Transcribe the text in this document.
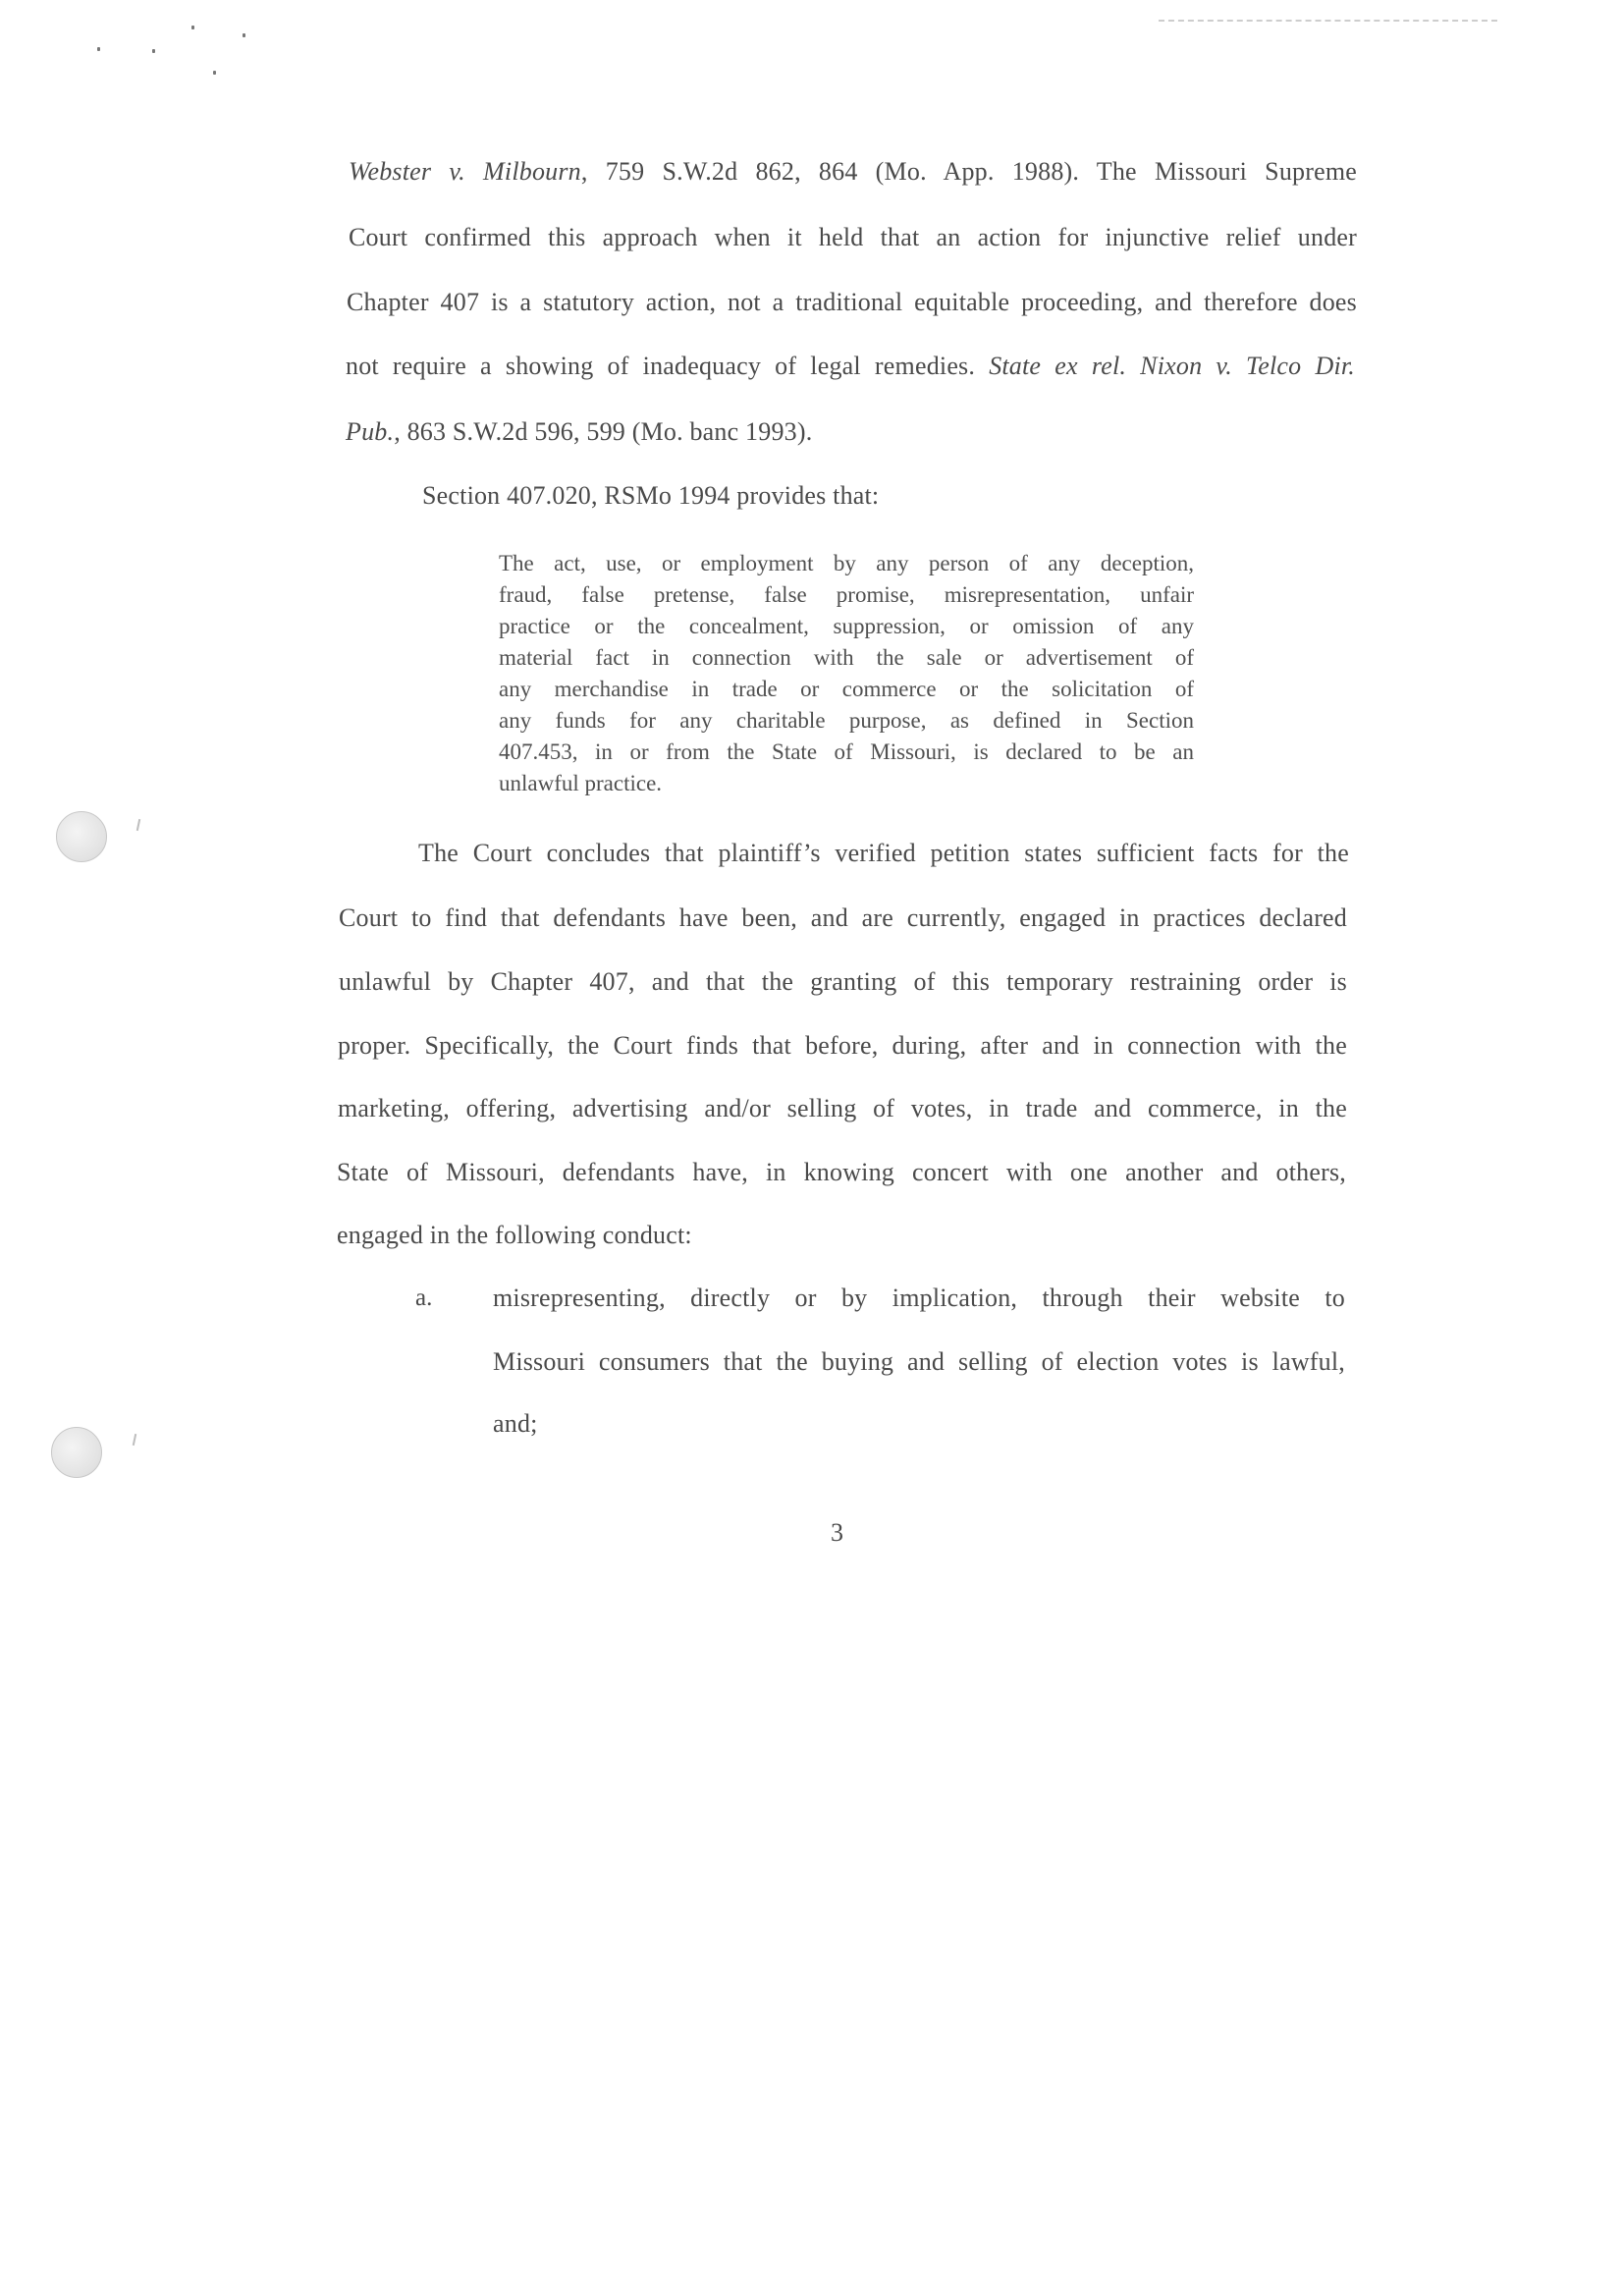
Webster v. Milbourn, 759 S.W.2d 862, 864 (Mo. App. 1988). The Missouri Supreme
Court confirmed this approach when it held that an action for injunctive relief under
Chapter 407 is a statutory action, not a traditional equitable proceeding, and therefore does
not require a showing of inadequacy of legal remedies. State ex rel. Nixon v. Telco Dir.
Pub., 863 S.W.2d 596, 599 (Mo. banc 1993).
Section 407.020, RSMo 1994 provides that:
The act, use, or employment by any person of any deception,
fraud, false pretense, false promise, misrepresentation, unfair
practice or the concealment, suppression, or omission of any
material fact in connection with the sale or advertisement of
any merchandise in trade or commerce or the solicitation of
any funds for any charitable purpose, as defined in Section
407.453, in or from the State of Missouri, is declared to be an
unlawful practice.
The Court concludes that plaintiff’s verified petition states sufficient facts for the
Court to find that defendants have been, and are currently, engaged in practices declared
unlawful by Chapter 407, and that the granting of this temporary restraining order is
proper. Specifically, the Court finds that before, during, after and in connection with the
marketing, offering, advertising and/or selling of votes, in trade and commerce, in the
State of Missouri, defendants have, in knowing concert with one another and others,
engaged in the following conduct:
a. misrepresenting, directly or by implication, through their website to
Missouri consumers that the buying and selling of election votes is lawful,
and;
3
